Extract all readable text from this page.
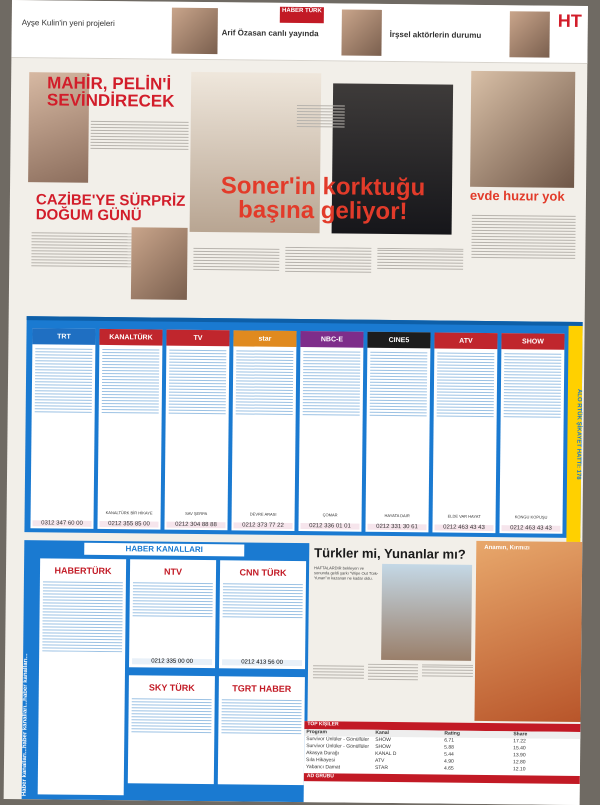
Ayşe Kulin'in yeni projeleri
HABER TÜRK
Arif Özasan canlı yayında	İrşsel aktörlerin durumu
HT
MAHİR, PELİN'İ SEVİNDİRECEK
CAZİBE'YE SÜRPRİZ DOĞUM GÜNÜ
Soner'in korktuğu başına geliyor!
evde huzur yok
TRT
0312 347 60 00
KANALTÜRK
KANALTÜRK BİR HİKAYE
0212 355 85 00
TV
SAV ŞERPA
0212 304 88 88
star
DEVRE ARASI
0212 373 77 22
NBC-E
ÇOMAR
0212 336 01 01
CINE5
HAYATA DAIR
0212 331 30 61
ATV
ELDE VAR HAYAT
0212 463 43 43
SHOW
KONGU KOPUŞU
0212 463 43 43
ALO RTÜK ŞİKAYET HATTI: 178
HABER KANALLARI
Haber kanalları...haber kanalları...haber kanalları...
HABERTÜRK	NTV
0212 335 00 00
CNN TÜRK
0212 413 56 00
SKY TÜRK	TGRT HABER
Türkler mi, Yunanlar mı?
HAFTALARDIR bekleyen ve sonunda geldi şarkı "Wipe Out Türk-Yunan"ın kazanan ne kadar oldu.
Anamın, Kırmızı
TOP KİŞİLER
Program	Kanal	Rating	Share
Survivor Ünlüler - Gönüllüler	SHOW	6.71	17.22
Survivor Ünlüler - Gönüllüler	SHOW	5.88	15.40
Akasya Durağı	KANAL D	5.44	13.90
Sıla Hikayesi	ATV	4.90	12.80
Yabancı Damat	STAR	4.65	12.10
AD GRUBU
